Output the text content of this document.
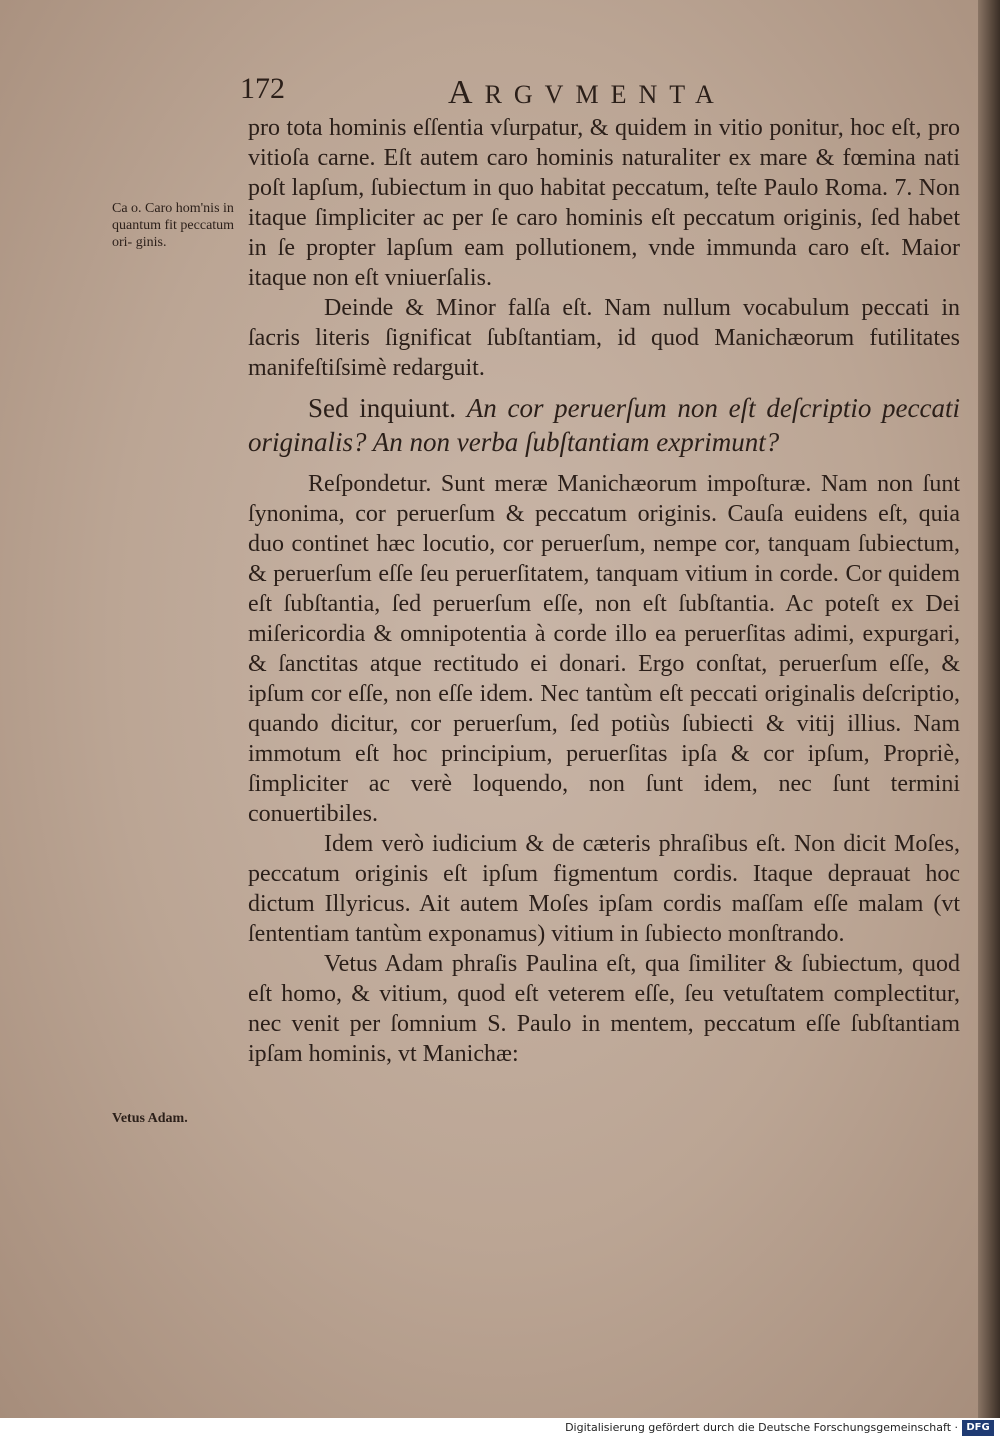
172	ARGVMENTA
Ca o. Caro hom'nis in quantum fit peccatum ori- ginis.
Vetus Adam.

pro tota hominis eſſentia vſurpatur, & quidem in vitio ponitur, hoc eſt, pro vitioſa carne. Eſt autem caro hominis naturaliter ex mare & fœmina nati poſt lapſum, ſubiectum in quo habitat peccatum, teſte Paulo Roma. 7. Non itaque ſimpliciter ac per ſe caro hominis eſt peccatum originis, ſed habet in ſe propter lapſum eam pollutionem, vnde immunda caro eſt. Maior itaque non eſt vniuerſalis.

Deinde & Minor falſa eſt. Nam nullum vocabulum peccati in ſacris literis ſignificat ſubſtantiam, id quod Manichæorum futilitates manifeſtiſsimè redarguit.

Sed inquiunt. An cor peruerſum non eſt deſcriptio peccati originalis? An non verba ſubſtantiam exprimunt?

Reſpondetur. Sunt meræ Manichæorum impoſturæ. Nam non ſunt ſynonima, cor peruerſum & peccatum originis. Cauſa euidens eſt, quia duo continet hæc locutio, cor peruerſum, nempe cor, tanquam ſubiectum, & peruerſum eſſe ſeu peruerſitatem, tanquam vitium in corde. Cor quidem eſt ſubſtantia, ſed peruerſum eſſe, non eſt ſubſtantia. Ac poteſt ex Dei miſericordia & omnipotentia à corde illo ea peruerſitas adimi, expurgari, & ſanctitas atque rectitudo ei donari. Ergo conſtat, peruerſum eſſe, & ipſum cor eſſe, non eſſe idem. Nec tantùm eſt peccati originalis deſcriptio, quando dicitur, cor peruerſum, ſed potiùs ſubiecti & vitij illius. Nam immotum eſt hoc principium, peruerſitas ipſa & cor ipſum, Propriè, ſimpliciter ac verè loquendo, non ſunt idem, nec ſunt termini conuertibiles.

Idem verò iudicium & de cæteris phraſibus eſt. Non dicit Moſes, peccatum originis eſt ipſum figmentum cordis. Itaque deprauat hoc dictum Illyricus. Ait autem Moſes ipſam cordis maſſam eſſe malam (vt ſententiam tantùm exponamus) vitium in ſubiecto monſtrando.

Vetus Adam phraſis Paulina eſt, qua ſimiliter & ſubiectum, quod eſt homo, & vitium, quod eſt veterem eſſe, ſeu vetuſtatem complectitur, nec venit per ſomnium S. Paulo in mentem, peccatum eſſe ſubſtantiam ipſam hominis, vt Manichæ:

Digitalisierung gefördert durch die Deutsche Forschungsgemeinschaft · DFG
